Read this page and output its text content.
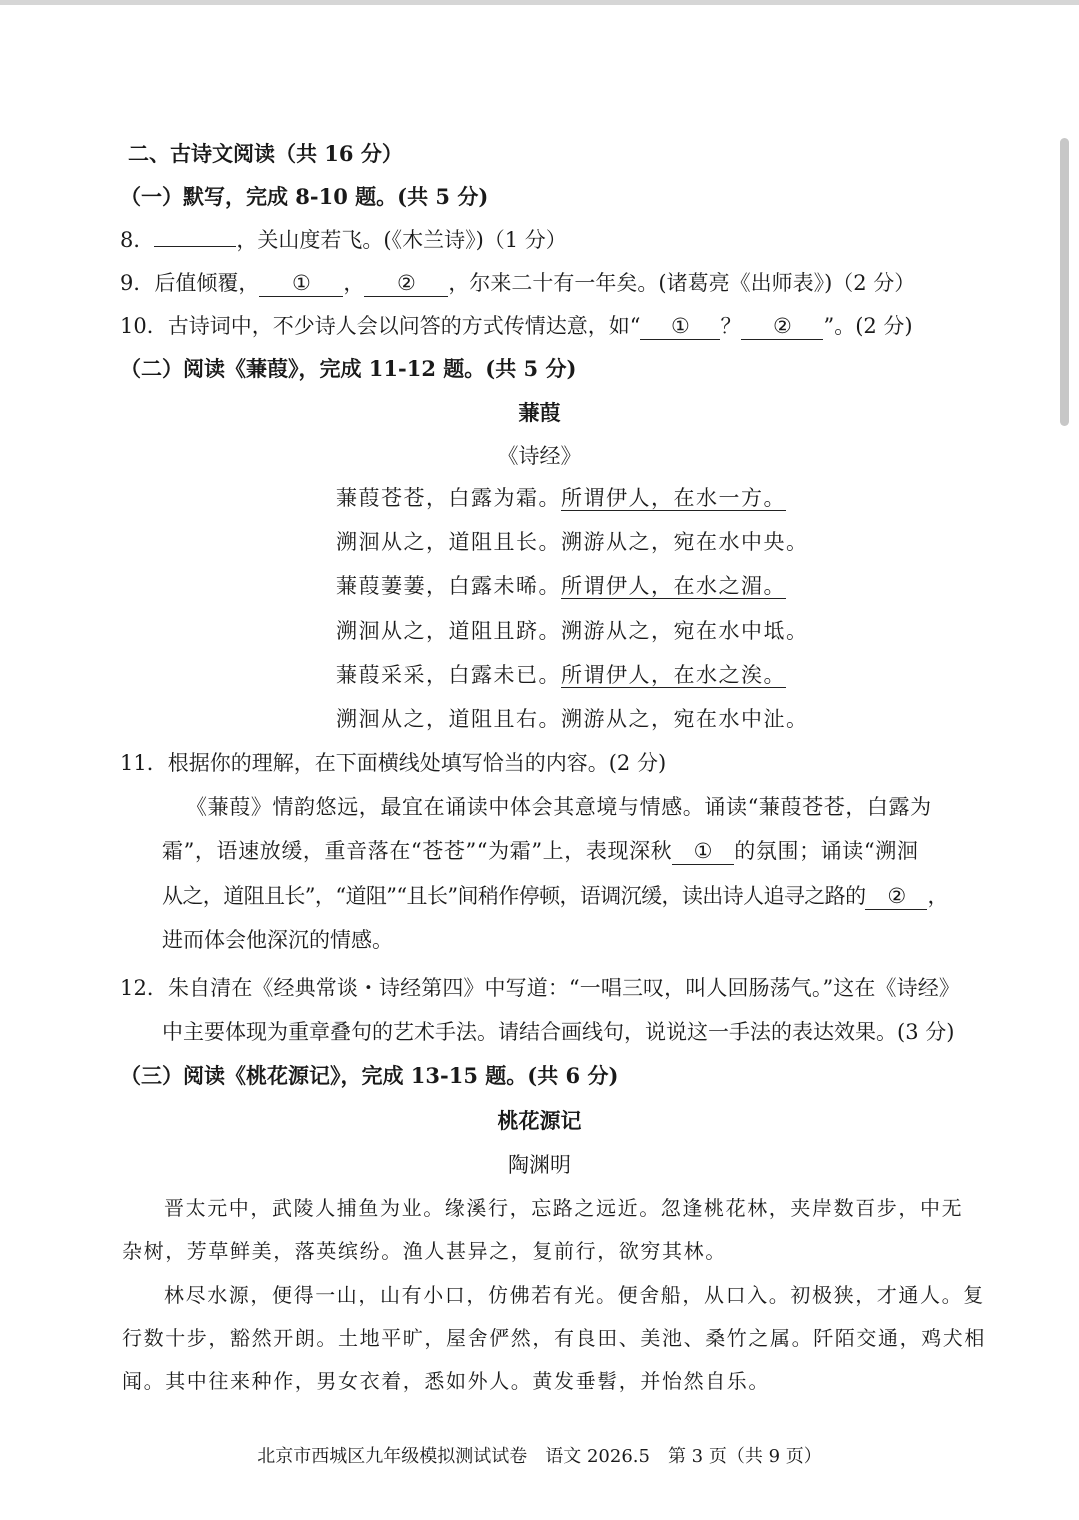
二、古诗文阅读（共 16 分）
（一）默写，完成 8-10 题。(共 5 分)
8．	，关山度若飞。(《木兰诗》)（1 分）
9．后值倾覆， ① ， ② ，尔来二十有一年矣。(诸葛亮《出师表》)（2 分）
10．古诗词中，不少诗人会以问答的方式传情达意，如“ ① ？ ② ”。(2 分)
（二）阅读《蒹葭》，完成 11-12 题。(共 5 分)
蒹葭
《诗经》
蒹葭苍苍，白露为霜。所谓伊人，在水一方。
溯洄从之，道阻且长。溯游从之，宛在水中央。
蒹葭萋萋，白露未晞。所谓伊人，在水之湄。
溯洄从之，道阻且跻。溯游从之，宛在水中坻。
蒹葭采采，白露未已。所谓伊人，在水之涘。
溯洄从之，道阻且右。溯游从之，宛在水中沚。
11．根据你的理解，在下面横线处填写恰当的内容。(2 分)
《蒹葭》情韵悠远，最宜在诵读中体会其意境与情感。诵读“蒹葭苍苍，白露为
霜”，语速放缓，重音落在“苍苍”“为霜”上，表现深秋 ① 的氛围；诵读“溯洄
从之，道阻且长”，“道阻”“且长”间稍作停顿，语调沉缓，读出诗人追寻之路的 ② ，
进而体会他深沉的情感。
12．朱自清在《经典常谈・诗经第四》中写道：“一唱三叹，叫人回肠荡气。”这在《诗经》
中主要体现为重章叠句的艺术手法。请结合画线句，说说这一手法的表达效果。(3 分)
（三）阅读《桃花源记》，完成 13-15 题。(共 6 分)
桃花源记
陶渊明
晋太元中，武陵人捕鱼为业。缘溪行，忘路之远近。忽逢桃花林，夹岸数百步，中无
杂树，芳草鲜美，落英缤纷。渔人甚异之，复前行，欲穷其林。
林尽水源，便得一山，山有小口，仿佛若有光。便舍船，从口入。初极狭，才通人。复
行数十步，豁然开朗。土地平旷，屋舍俨然，有良田、美池、桑竹之属。阡陌交通，鸡犬相
闻。其中往来种作，男女衣着，悉如外人。黄发垂髫，并怡然自乐。
北京市西城区九年级模拟测试试卷　语文 2026.5　第 3 页（共 9 页）
